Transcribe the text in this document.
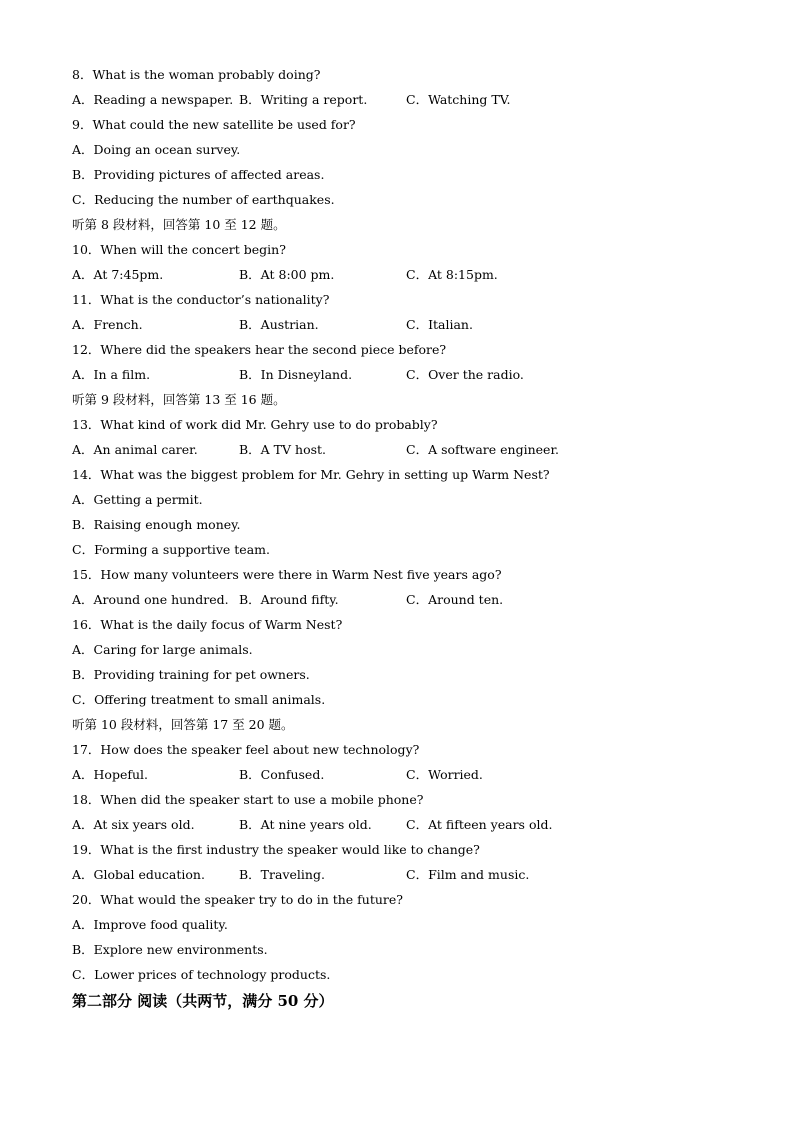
8．What is the woman probably doing?
A．Reading a newspaper. B．Writing a report.	C．Watching TV.
9．What could the new satellite be used for?
A．Doing an ocean survey.
B．Providing pictures of affected areas.
C．Reducing the number of earthquakes.
听第 8 段材料，回答第 10 至 12 题。
10．When will the concert begin?
A．At 7:45pm.	B．At 8:00 pm.	C．At 8:15pm.
11．What is the conductor’s nationality?
A．French.	B．Austrian.	C．Italian.
12．Where did the speakers hear the second piece before?
A．In a film.	B．In Disneyland.	C．Over the radio.
听第 9 段材料，回答第 13 至 16 题。
13．What kind of work did Mr. Gehry use to do probably?
A．An animal carer.	B．A TV host.	C．A software engineer.
14．What was the biggest problem for Mr. Gehry in setting up Warm Nest?
A．Getting a permit.
B．Raising enough money.
C．Forming a supportive team.
15．How many volunteers were there in Warm Nest five years ago?
A．Around one hundred. B．Around fifty.	C．Around ten.
16．What is the daily focus of Warm Nest?
A．Caring for large animals.
B．Providing training for pet owners.
C．Offering treatment to small animals.
听第 10 段材料，回答第 17 至 20 题。
17．How does the speaker feel about new technology?
A．Hopeful.	B．Confused.	C．Worried.
18．When did the speaker start to use a mobile phone?
A．At six years old.	B．At nine years old.	C．At fifteen years old.
19．What is the first industry the speaker would like to change?
A．Global education.	B．Traveling.	C．Film and music.
20．What would the speaker try to do in the future?
A．Improve food quality.
B．Explore new environments.
C．Lower prices of technology products.
第二部分 阅读（共两节，满分 50 分）
